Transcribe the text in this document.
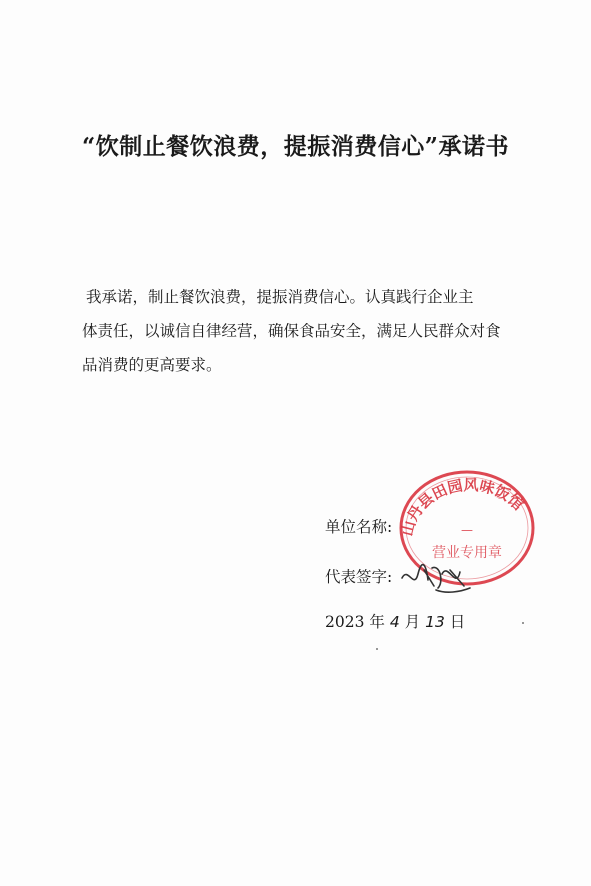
“饮制止餐饮浪费，提振消费信心”承诺书
我承诺，制止餐饮浪费，提振消费信心。认真践行企业主
体责任，以诚信自律经营，确保食品安全，满足人民群众对食
品消费的更高要求。
山丹县田园风味饭馆
—
营业专用章
单位名称:
代表签字:
2023 年 4 月 13 日
